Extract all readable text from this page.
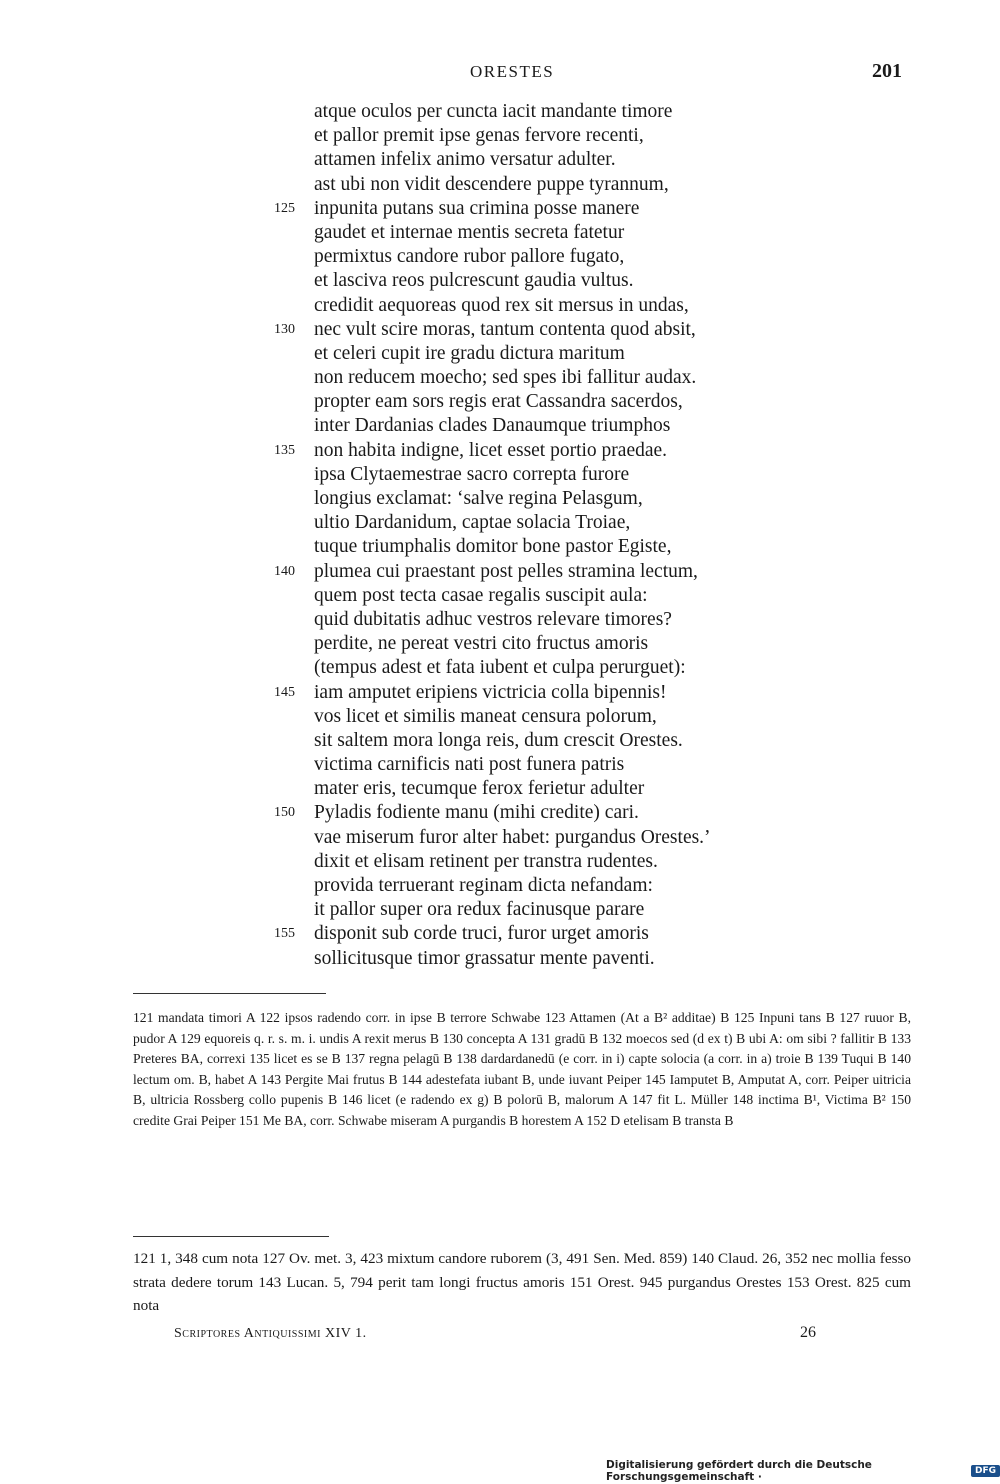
ORESTES	201
atque oculos per cuncta iacit mandante timore
et pallor premit ipse genas fervore recenti,
attamen infelix animo versatur adulter.
ast ubi non vidit descendere puppe tyrannum,
125 inpunita putans sua crimina posse manere
gaudet et internae mentis secreta fatetur
permixtus candore rubor pallore fugato,
et lasciva reos pulcrescunt gaudia vultus.
credidit aequoreas quod rex sit mersus in undas,
130 nec vult scire moras, tantum contenta quod absit,
et celeri cupit ire gradu dictura maritum
non reducem moecho; sed spes ibi fallitur audax.
propter eam sors regis erat Cassandra sacerdos,
inter Dardanias clades Danaumque triumphos
135 non habita indigne, licet esset portio praedae.
ipsa Clytaemestrae sacro correpta furore
longius exclamat: ‘salve regina Pelasgum,
ultio Dardanidum, captae solacia Troiae,
tuque triumphalis domitor bone pastor Egiste,
140 plumea cui praestant post pelles stramina lectum,
quem post tecta casae regalis suscipit aula:
quid dubitatis adhuc vestros relevare timores?
perdite, ne pereat vestri cito fructus amoris
(tempus adest et fata iubent et culpa perurguet):
145 iam amputet eripiens victricia colla bipennis!
vos licet et similis maneat censura polorum,
sit saltem mora longa reis, dum crescit Orestes.
victima carnificis nati post funera patris
mater eris, tecumque ferox ferietur adulter
150 Pyladis fodiente manu (mihi credite) cari.
vae miserum furor alter habet: purgandus Orestes.’
dixit et elisam retinent per transtra rudentes.
provida terruerant reginam dicta nefandam:
it pallor super ora redux facinusque parare
155 disponit sub corde truci, furor urget amoris
sollicitusque timor grassatur mente paventi.

121 mandata timori A 122 ipsos radendo corr. in ipse B terrore Schwabe 123 Attamen (At a B² additae) B 125 Inpuni tans B 127 ruuor B, pudor A 129 equoreis q. r. s. m. i. undis A rexit merus B 130 concepta A 131 gradū B 132 moecos sed (d ex t) B ubi A: om sibi ? fallitir B 133 Preteres BA, correxi 135 licet es se B 137 regna pelagū B 138 dardardanedū (e corr. in i) capte solocia (a corr. in a) troie B 139 Tuqui B 140 lectum om. B, habet A 143 Pergite Mai frutus B 144 adestefata iubant B, unde iuvant Peiper 145 Iamputet B, Amputat A, corr. Peiper uitricia B, ultricia Rossberg collo pupenis B 146 licet (e radendo ex g) B polorū B, malorum A 147 fit L. Müller 148 inctima B¹, Victima B² 150 credite Grai Peiper 151 Me BA, corr. Schwabe miseram A purgandis B horestem A 152 D etelisam B transta B

121 1, 348 cum nota 127 Ov. met. 3, 423 mixtum candore ruborem (3, 491 Sen. Med. 859) 140 Claud. 26, 352 nec mollia fesso strata dedere torum 143 Lucan. 5, 794 perit tam longi fructus amoris 151 Orest. 945 purgandus Orestes 153 Orest. 825 cum nota

Scriptores Antiquissimi XIV 1.	26
Digitalisierung gefördert durch die Deutsche Forschungsgemeinschaft ·	DFG
